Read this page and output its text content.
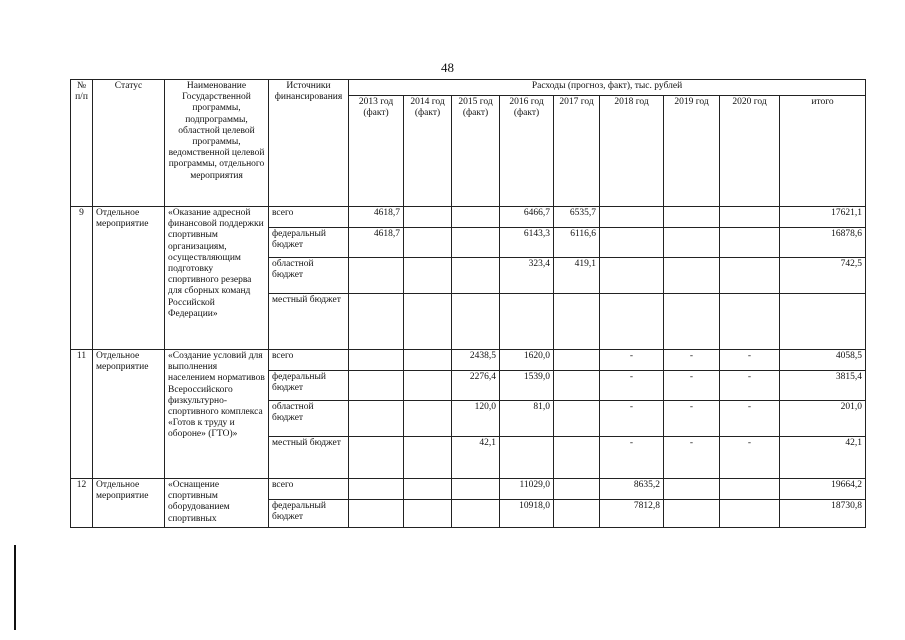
48
№ п/п	Статус	Наименование Государственной программы, подпрограммы, областной целевой программы, ведомственной целевой программы, отдельного мероприятия	Источники финансирования	Расходы (прогноз, факт), тыс. рублей								
				2013 год (факт)	2014 год (факт)	2015 год (факт)	2016 год (факт)	2017 год	2018 год	2019 год	2020 год	итого
9	Отдельное мероприятие	«Оказание адресной финансовой поддержки спортивным организациям, осуществляющим подготовку спортивного резерва для сборных команд Российской Федерации»	всего	4618,7			6466,7	6535,7				17621,1
			федеральный бюджет	4618,7			6143,3	6116,6				16878,6
			областной бюджет				323,4	419,1				742,5
			местный бюджет									
11	Отдельное мероприятие	«Создание условий для выполнения населением нормативов Всероссийского физкультурно-спортивного комплекса «Готов к труду и обороне» (ГТО)»	всего			2438,5	1620,0		-	-	-	4058,5
			федеральный бюджет			2276,4	1539,0		-	-	-	3815,4
			областной бюджет			120,0	81,0		-	-	-	201,0
			местный бюджет			42,1			-	-	-	42,1
12	Отдельное мероприятие	«Оснащение спортивным оборудованием спортивных	всего				11029,0		8635,2			19664,2
			федеральный бюджет				10918,0		7812,8			18730,8
